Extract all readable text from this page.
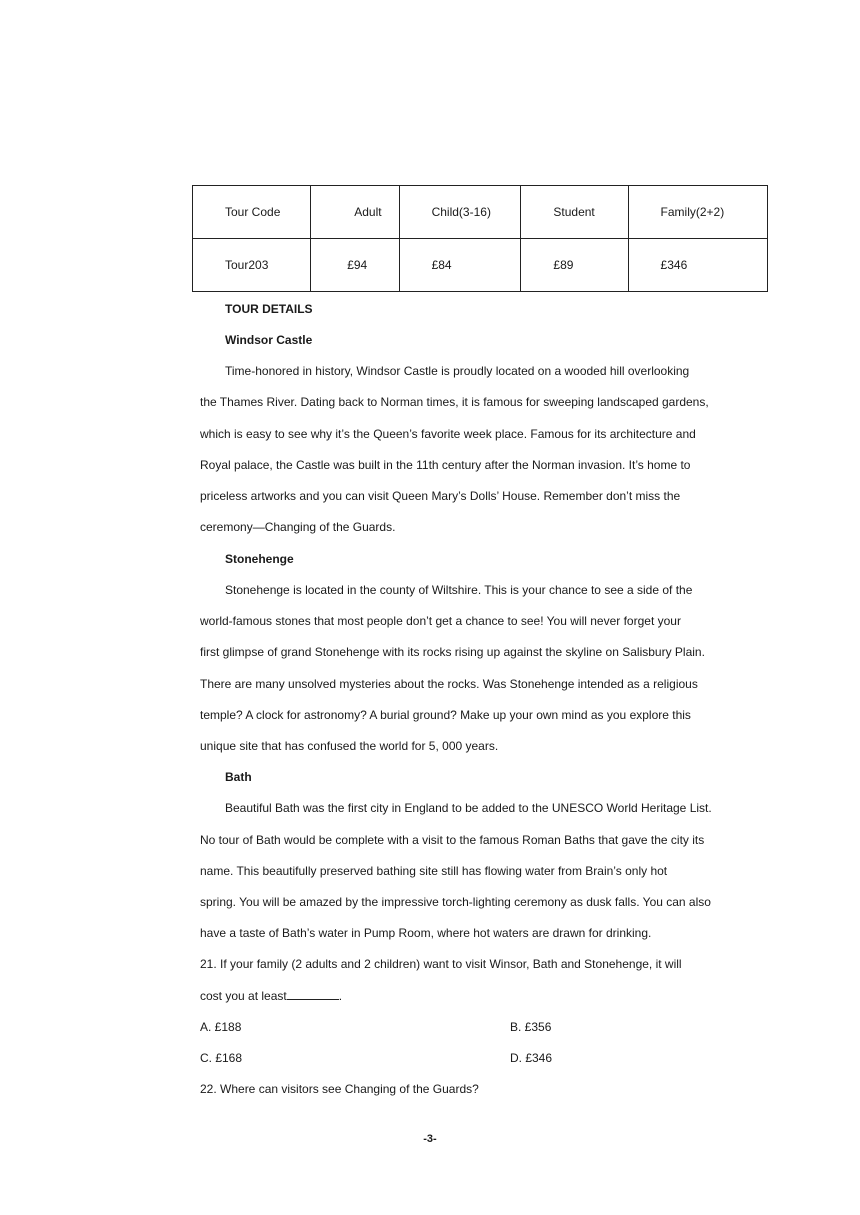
Tour Code	Adult	Child(3-16)	Student	Family(2+2)
Tour203	£94	£84	£89	£346
TOUR DETAILS
Windsor Castle
Time-honored in history, Windsor Castle is proudly located on a wooded hill overlooking
the Thames River. Dating back to Norman times, it is famous for sweeping landscaped gardens,
which is easy to see why it’s the Queen’s favorite week place. Famous for its architecture and
Royal palace, the Castle was built in the 11th century after the Norman invasion. It’s home to
priceless artworks and you can visit Queen Mary’s Dolls’ House. Remember don’t miss the
ceremony—Changing of the Guards.
Stonehenge
Stonehenge is located in the county of Wiltshire. This is your chance to see a side of the
world-famous stones that most people don’t get a chance to see! You will never forget your
first glimpse of grand Stonehenge with its rocks rising up against the skyline on Salisbury Plain.
There are many unsolved mysteries about the rocks. Was Stonehenge intended as a religious
temple? A clock for astronomy? A burial ground? Make up your own mind as you explore this
unique site that has confused the world for 5, 000 years.
Bath
Beautiful Bath was the first city in England to be added to the UNESCO World Heritage List.
No tour of Bath would be complete with a visit to the famous Roman Baths that gave the city its
name. This beautifully preserved bathing site still has flowing water from Brain’s only hot
spring. You will be amazed by the impressive torch-lighting ceremony as dusk falls. You can also
have a taste of Bath’s water in Pump Room, where hot waters are drawn for drinking.
21. If your family (2 adults and 2 children) want to visit Winsor, Bath and Stonehenge, it will
cost you at least	.
A. £188	B. £356
C. £168	D. £346
22. Where can visitors see Changing of the Guards?
-3-
